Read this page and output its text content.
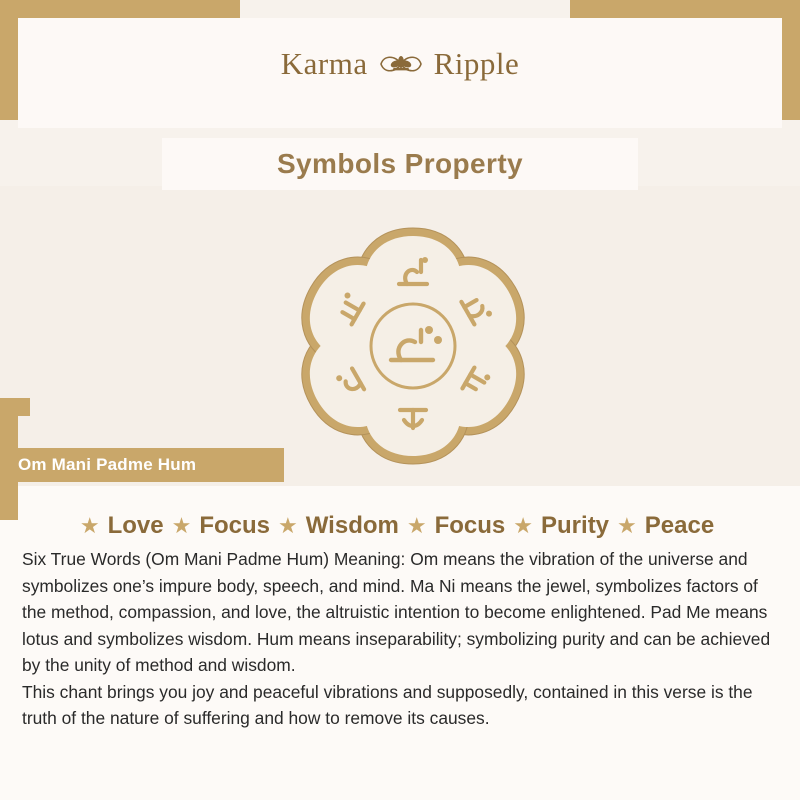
Karma Ripple
Symbols Property
Om Mani Padme Hum
★ Love ★ Focus ★ Wisdom ★ Focus ★ Purity ★ Peace

Six True Words (Om Mani Padme Hum) Meaning: Om means the vibration of the universe and symbolizes one’s impure body, speech, and mind. Ma Ni means the jewel, symbolizes factors of the method, compassion, and love, the altruistic intention to become enlightened. Pad Me means lotus and symbolizes wisdom. Hum means inseparability; symbolizing purity and can be achieved by the unity of method and wisdom.

This chant brings you joy and peaceful vibrations and supposedly, contained in this verse is the truth of the nature of suffering and how to remove its causes.
